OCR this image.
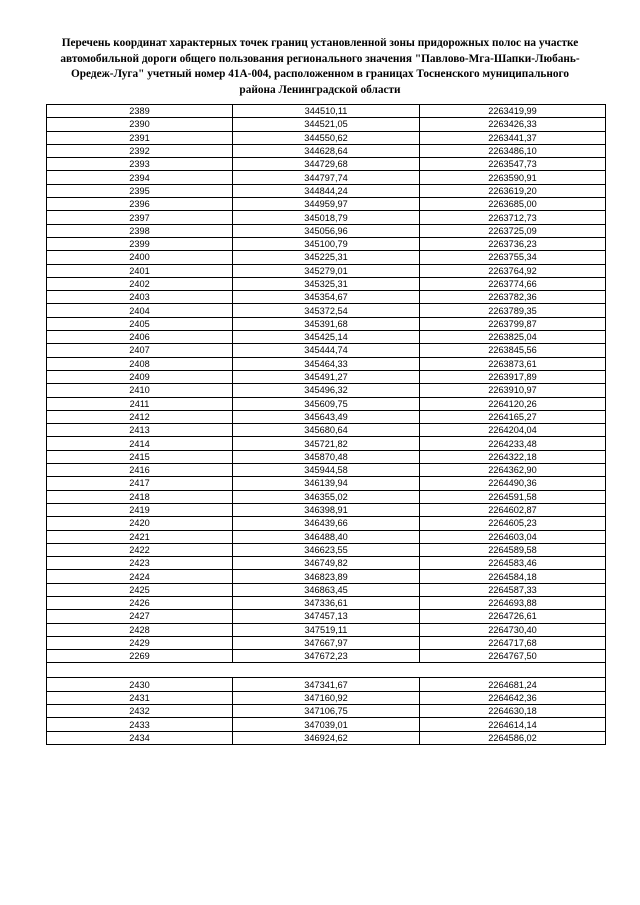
Перечень координат характерных точек границ установленной зоны придорожных полос на участке
автомобильной дороги общего пользования регионального значения "Павлово-Мга-Шапки-Любань-
Оредеж-Луга" учетный номер 41А-004, расположенном в границах Тосненского муниципального
района Ленинградской области
2389	344510,11	2263419,99
2390	344521,05	2263426,33
2391	344550,62	2263441,37
2392	344628,64	2263486,10
2393	344729,68	2263547,73
2394	344797,74	2263590,91
2395	344844,24	2263619,20
2396	344959,97	2263685,00
2397	345018,79	2263712,73
2398	345056,96	2263725,09
2399	345100,79	2263736,23
2400	345225,31	2263755,34
2401	345279,01	2263764,92
2402	345325,31	2263774,66
2403	345354,67	2263782,36
2404	345372,54	2263789,35
2405	345391,68	2263799,87
2406	345425,14	2263825,04
2407	345444,74	2263845,56
2408	345464,33	2263873,61
2409	345491,27	2263917,89
2410	345496,32	2263910,97
2411	345609,75	2264120,26
2412	345643,49	2264165,27
2413	345680,64	2264204,04
2414	345721,82	2264233,48
2415	345870,48	2264322,18
2416	345944,58	2264362,90
2417	346139,94	2264490,36
2418	346355,02	2264591,58
2419	346398,91	2264602,87
2420	346439,66	2264605,23
2421	346488,40	2264603,04
2422	346623,55	2264589,58
2423	346749,82	2264583,46
2424	346823,89	2264584,18
2425	346863,45	2264587,33
2426	347336,61	2264693,88
2427	347457,13	2264726,61
2428	347519,11	2264730,40
2429	347667,97	2264717,68
2269	347672,23	2264767,50

2430	347341,67	2264681,24
2431	347160,92	2264642,36
2432	347106,75	2264630,18
2433	347039,01	2264614,14
2434	346924,62	2264586,02
